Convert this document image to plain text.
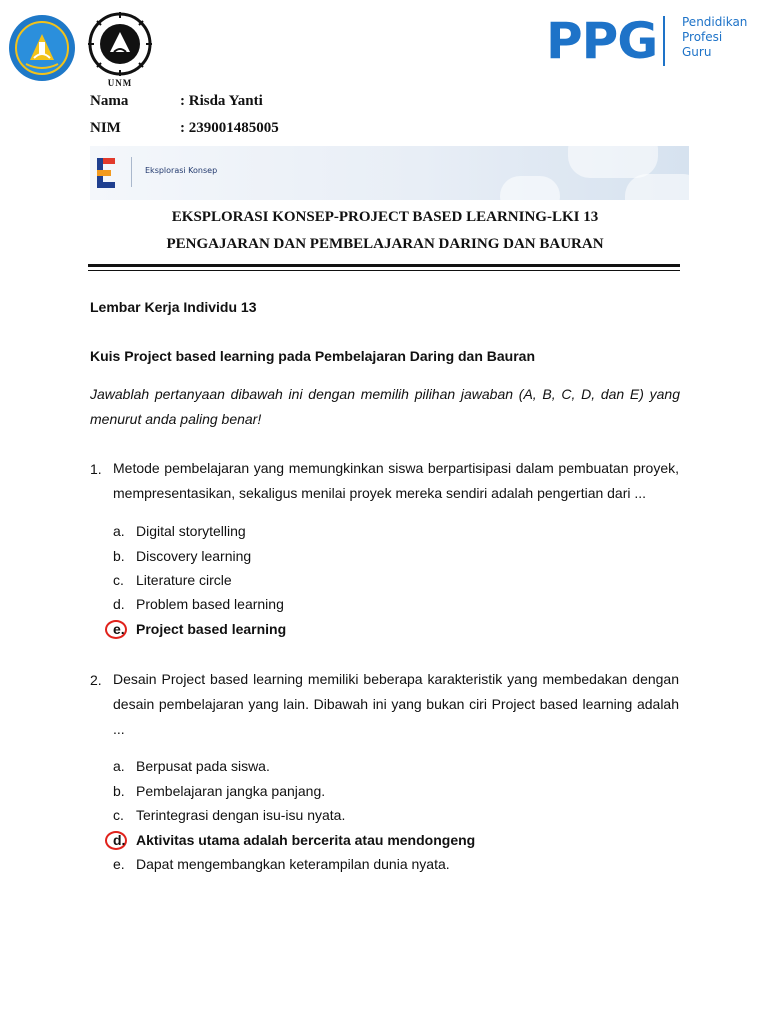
UNM
PPG Pendidikan
Profesi
Guru
Nama	: Risda Yanti
NIM	: 239001485005
Eksplorasi Konsep
EKSPLORASI KONSEP-PROJECT BASED LEARNING-LKI 13
PENGAJARAN DAN PEMBELAJARAN DARING DAN BAURAN
Lembar Kerja Individu 13
Kuis Project based learning pada Pembelajaran Daring dan Bauran
Jawablah pertanyaan dibawah ini dengan memilih pilihan jawaban (A, B, C, D, dan E) yang menurut anda paling benar!
1. Metode pembelajaran yang memungkinkan siswa berpartisipasi dalam pembuatan proyek, mempresentasikan, sekaligus menilai proyek mereka sendiri adalah pengertian dari ...
a. Digital storytelling
b. Discovery learning
c. Literature circle
d. Problem based learning
e. Project based learning
2. Desain Project based learning memiliki beberapa karakteristik yang membedakan dengan desain pembelajaran yang lain. Dibawah ini yang bukan ciri Project based learning adalah ...
a. Berpusat pada siswa.
b. Pembelajaran jangka panjang.
c. Terintegrasi dengan isu-isu nyata.
d. Aktivitas utama adalah bercerita atau mendongeng
e. Dapat mengembangkan keterampilan dunia nyata.
